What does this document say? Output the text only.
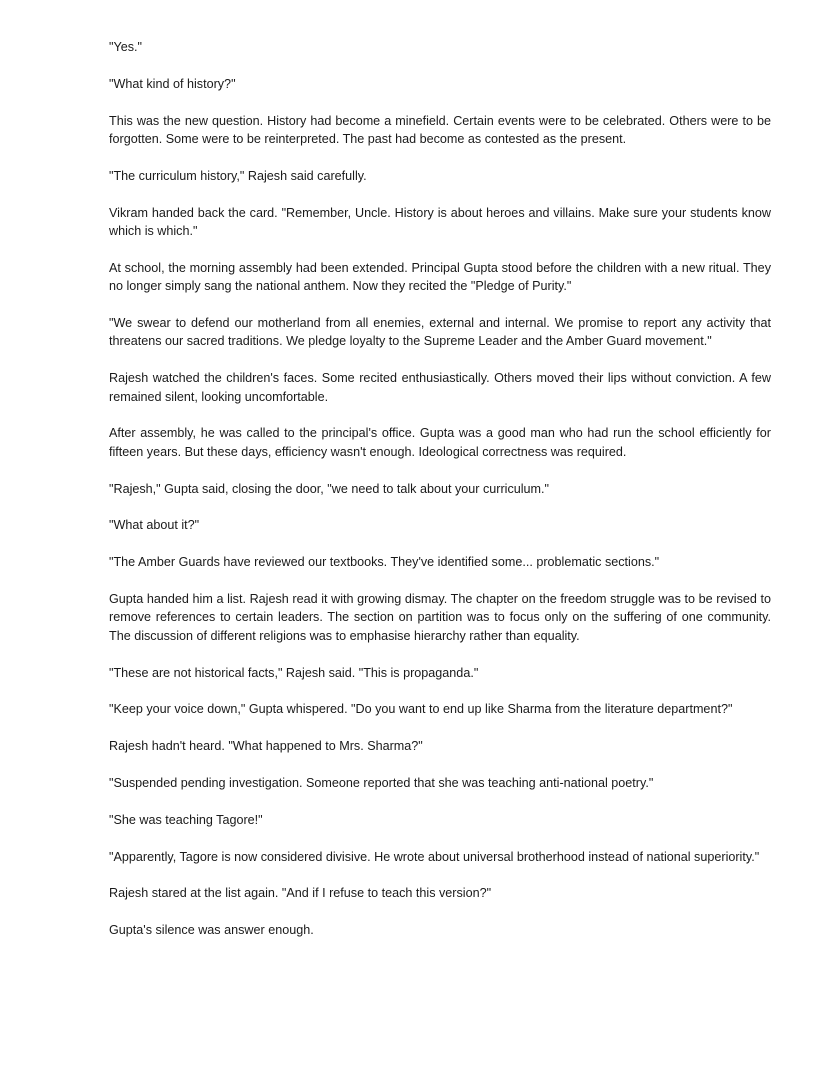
"Yes."

"What kind of history?"

This was the new question. History had become a minefield. Certain events were to be celebrated. Others were to be forgotten. Some were to be reinterpreted. The past had become as contested as the present.

"The curriculum history," Rajesh said carefully.

Vikram handed back the card. "Remember, Uncle. History is about heroes and villains. Make sure your students know which is which."

At school, the morning assembly had been extended. Principal Gupta stood before the children with a new ritual. They no longer simply sang the national anthem. Now they recited the "Pledge of Purity."

"We swear to defend our motherland from all enemies, external and internal. We promise to report any activity that threatens our sacred traditions. We pledge loyalty to the Supreme Leader and the Amber Guard movement."

Rajesh watched the children's faces. Some recited enthusiastically. Others moved their lips without conviction. A few remained silent, looking uncomfortable.

After assembly, he was called to the principal's office. Gupta was a good man who had run the school efficiently for fifteen years. But these days, efficiency wasn't enough. Ideological correctness was required.

"Rajesh," Gupta said, closing the door, "we need to talk about your curriculum."

"What about it?"

"The Amber Guards have reviewed our textbooks. They've identified some... problematic sections."

Gupta handed him a list. Rajesh read it with growing dismay. The chapter on the freedom struggle was to be revised to remove references to certain leaders. The section on partition was to focus only on the suffering of one community. The discussion of different religions was to emphasise hierarchy rather than equality.

"These are not historical facts," Rajesh said. "This is propaganda."

"Keep your voice down," Gupta whispered. "Do you want to end up like Sharma from the literature department?"

Rajesh hadn't heard. "What happened to Mrs. Sharma?"

"Suspended pending investigation. Someone reported that she was teaching anti-national poetry."

"She was teaching Tagore!"

"Apparently, Tagore is now considered divisive. He wrote about universal brotherhood instead of national superiority."

Rajesh stared at the list again. "And if I refuse to teach this version?"

Gupta's silence was answer enough.
